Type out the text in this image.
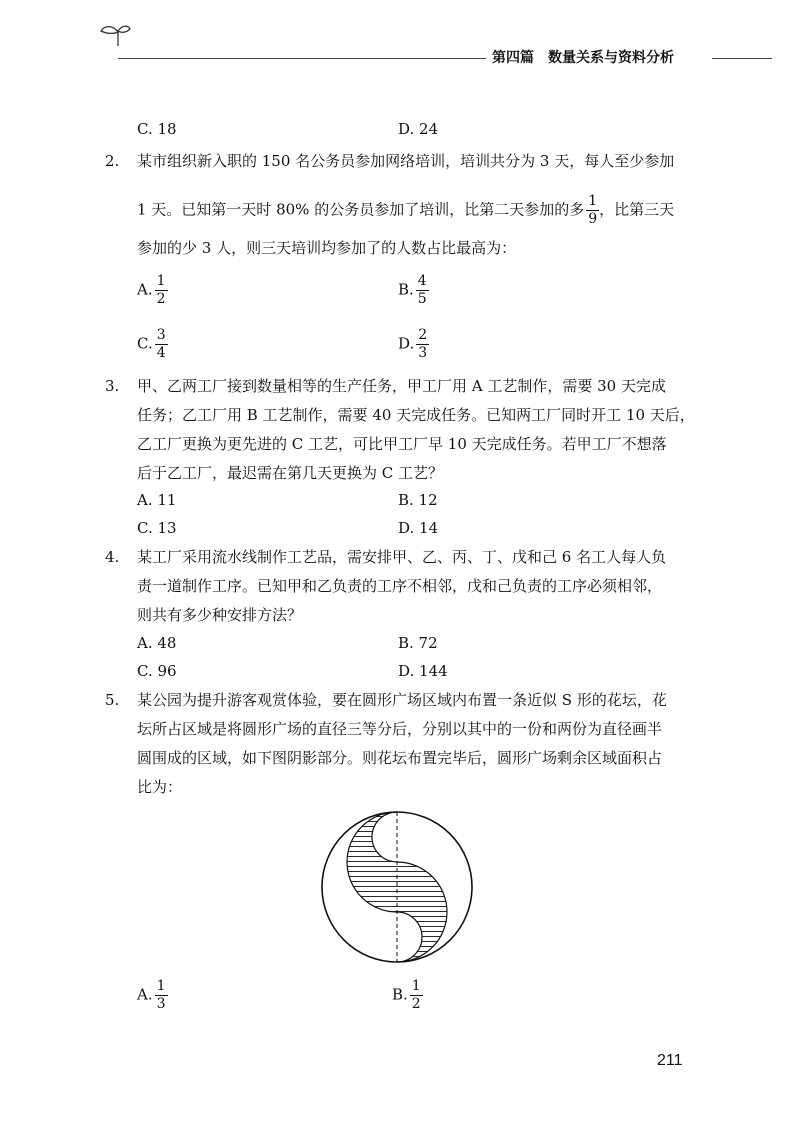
第四篇 数量关系与资料分析
C. 18	D. 24
2. 某市组织新入职的 150 名公务员参加网络培训，培训共分为 3 天，每人至少参加
1 天。已知第一天时 80% 的公务员参加了培训，比第二天参加的多 $\frac{1}{9}$ ，比第三天
参加的少 3 人，则三天培训均参加了的人数占比最高为：
A. $\frac{1}{2}$	B. $\frac{4}{5}$
C. $\frac{3}{4}$	D. $\frac{2}{3}$
3. 甲、乙两工厂接到数量相等的生产任务，甲工厂用 A 工艺制作，需要 30 天完成
任务；乙工厂用 B 工艺制作，需要 40 天完成任务。已知两工厂同时开工 10 天后，
乙工厂更换为更先进的 C 工艺，可比甲工厂早 10 天完成任务。若甲工厂不想落
后于乙工厂，最迟需在第几天更换为 C 工艺？
A. 11	B. 12
C. 13	D. 14
4. 某工厂采用流水线制作工艺品，需安排甲、乙、丙、丁、戊和己 6 名工人每人负
责一道制作工序。已知甲和乙负责的工序不相邻，戊和己负责的工序必须相邻，
则共有多少种安排方法？
A. 48	B. 72
C. 96	D. 144
5. 某公园为提升游客观赏体验，要在圆形广场区域内布置一条近似 S 形的花坛，花
坛所占区域是将圆形广场的直径三等分后，分别以其中的一份和两份为直径画半
圆围成的区域，如下图阴影部分。则花坛布置完毕后，圆形广场剩余区域面积占
比为：
A. $\frac{1}{3}$	B. $\frac{1}{2}$
211
